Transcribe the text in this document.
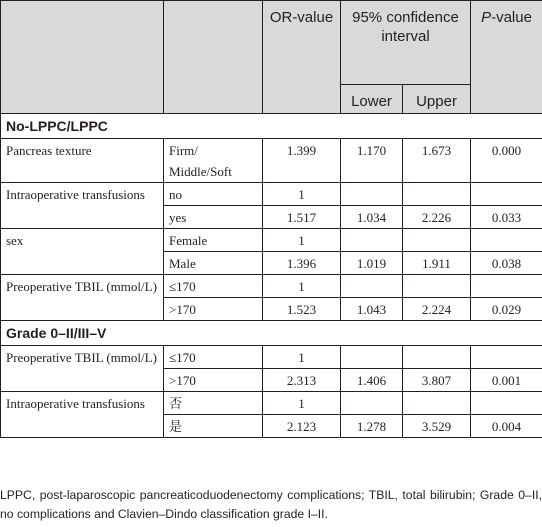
		OR-value	95% confidence interval		P-value
			Lower	Upper	
No-LPPC/LPPC					
Pancreas texture	Firm/ Middle/Soft	1.399	1.170	1.673	0.000
Intraoperative transfusions	no	1			
	yes	1.517	1.034	2.226	0.033
sex	Female	1			
	Male	1.396	1.019	1.911	0.038
Preoperative TBIL (mmol/L)	≤170	1			
	>170	1.523	1.043	2.224	0.029
Grade 0–II/III–V					
Preoperative TBIL (mmol/L)	≤170	1			
	>170	2.313	1.406	3.807	0.001
Intraoperative transfusions	否	1			
	是	2.123	1.278	3.529	0.004

LPPC, post-laparoscopic pancreaticoduodenectomy complications; TBIL, total bilirubin; Grade 0–II, no complications and Clavien–Dindo classification grade I–II.
